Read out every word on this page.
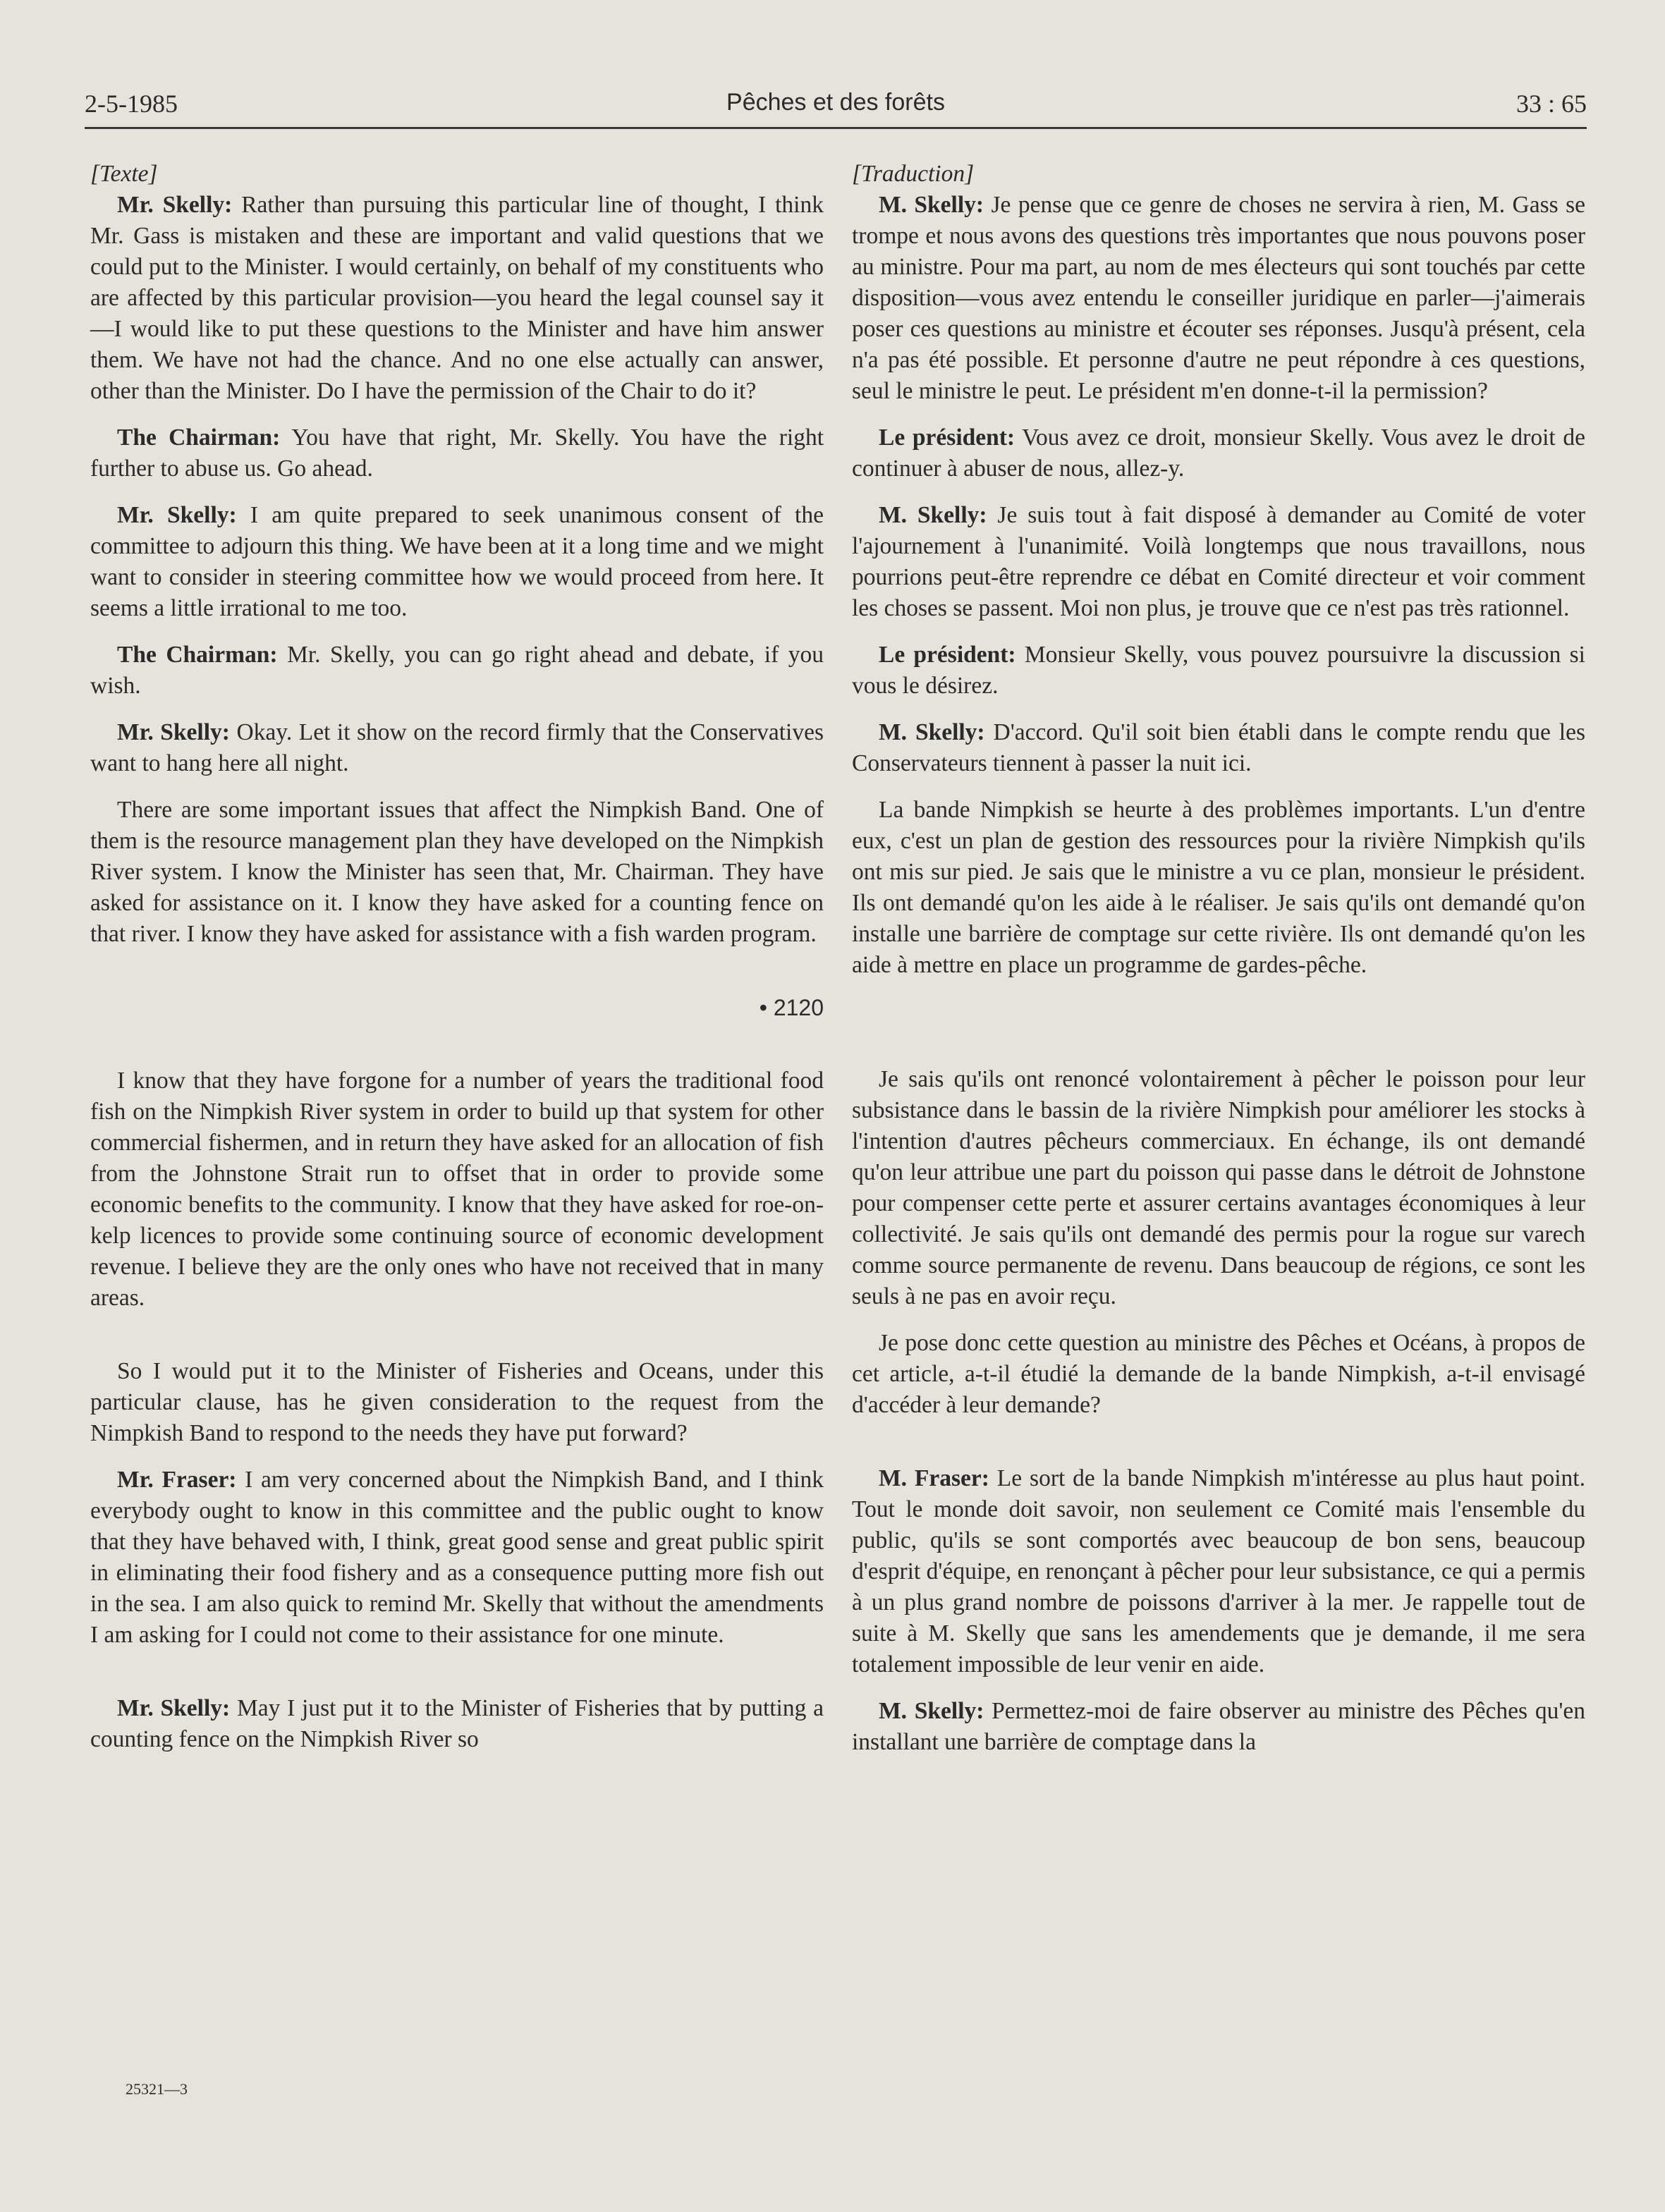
2-5-1985	Pêches et des forêts	33 : 65

[Texte]

Mr. Skelly: Rather than pursuing this particular line of thought, I think Mr. Gass is mistaken and these are important and valid questions that we could put to the Minister. I would certainly, on behalf of my constituents who are affected by this particular provision—you heard the legal counsel say it—I would like to put these questions to the Minister and have him answer them. We have not had the chance. And no one else actually can answer, other than the Minister. Do I have the permission of the Chair to do it?

The Chairman: You have that right, Mr. Skelly. You have the right further to abuse us. Go ahead.

Mr. Skelly: I am quite prepared to seek unanimous consent of the committee to adjourn this thing. We have been at it a long time and we might want to consider in steering committee how we would proceed from here. It seems a little irrational to me too.

The Chairman: Mr. Skelly, you can go right ahead and debate, if you wish.

Mr. Skelly: Okay. Let it show on the record firmly that the Conservatives want to hang here all night.

There are some important issues that affect the Nimpkish Band. One of them is the resource management plan they have developed on the Nimpkish River system. I know the Minister has seen that, Mr. Chairman. They have asked for assistance on it. I know they have asked for a counting fence on that river. I know they have asked for assistance with a fish warden program.

• 2120

I know that they have forgone for a number of years the traditional food fish on the Nimpkish River system in order to build up that system for other commercial fishermen, and in return they have asked for an allocation of fish from the Johnstone Strait run to offset that in order to provide some economic benefits to the community. I know that they have asked for roe-on-kelp licences to provide some continuing source of economic development revenue. I believe they are the only ones who have not received that in many areas.

So I would put it to the Minister of Fisheries and Oceans, under this particular clause, has he given consideration to the request from the Nimpkish Band to respond to the needs they have put forward?

Mr. Fraser: I am very concerned about the Nimpkish Band, and I think everybody ought to know in this committee and the public ought to know that they have behaved with, I think, great good sense and great public spirit in eliminating their food fishery and as a consequence putting more fish out in the sea. I am also quick to remind Mr. Skelly that without the amendments I am asking for I could not come to their assistance for one minute.

Mr. Skelly: May I just put it to the Minister of Fisheries that by putting a counting fence on the Nimpkish River so

[Traduction]

M. Skelly: Je pense que ce genre de choses ne servira à rien, M. Gass se trompe et nous avons des questions très importantes que nous pouvons poser au ministre. Pour ma part, au nom de mes électeurs qui sont touchés par cette disposition—vous avez entendu le conseiller juridique en parler—j'aimerais poser ces questions au ministre et écouter ses réponses. Jusqu'à présent, cela n'a pas été possible. Et personne d'autre ne peut répondre à ces questions, seul le ministre le peut. Le président m'en donne-t-il la permission?

Le président: Vous avez ce droit, monsieur Skelly. Vous avez le droit de continuer à abuser de nous, allez-y.

M. Skelly: Je suis tout à fait disposé à demander au Comité de voter l'ajournement à l'unanimité. Voilà longtemps que nous travaillons, nous pourrions peut-être reprendre ce débat en Comité directeur et voir comment les choses se passent. Moi non plus, je trouve que ce n'est pas très rationnel.

Le président: Monsieur Skelly, vous pouvez poursuivre la discussion si vous le désirez.

M. Skelly: D'accord. Qu'il soit bien établi dans le compte rendu que les Conservateurs tiennent à passer la nuit ici.

La bande Nimpkish se heurte à des problèmes importants. L'un d'entre eux, c'est un plan de gestion des ressources pour la rivière Nimpkish qu'ils ont mis sur pied. Je sais que le ministre a vu ce plan, monsieur le président. Ils ont demandé qu'on les aide à le réaliser. Je sais qu'ils ont demandé qu'on installe une barrière de comptage sur cette rivière. Ils ont demandé qu'on les aide à mettre en place un programme de gardes-pêche.

Je sais qu'ils ont renoncé volontairement à pêcher le poisson pour leur subsistance dans le bassin de la rivière Nimpkish pour améliorer les stocks à l'intention d'autres pêcheurs commerciaux. En échange, ils ont demandé qu'on leur attribue une part du poisson qui passe dans le détroit de Johnstone pour compenser cette perte et assurer certains avantages économiques à leur collectivité. Je sais qu'ils ont demandé des permis pour la rogue sur varech comme source permanente de revenu. Dans beaucoup de régions, ce sont les seuls à ne pas en avoir reçu.

Je pose donc cette question au ministre des Pêches et Océans, à propos de cet article, a-t-il étudié la demande de la bande Nimpkish, a-t-il envisagé d'accéder à leur demande?

M. Fraser: Le sort de la bande Nimpkish m'intéresse au plus haut point. Tout le monde doit savoir, non seulement ce Comité mais l'ensemble du public, qu'ils se sont comportés avec beaucoup de bon sens, beaucoup d'esprit d'équipe, en renonçant à pêcher pour leur subsistance, ce qui a permis à un plus grand nombre de poissons d'arriver à la mer. Je rappelle tout de suite à M. Skelly que sans les amendements que je demande, il me sera totalement impossible de leur venir en aide.

M. Skelly: Permettez-moi de faire observer au ministre des Pêches qu'en installant une barrière de comptage dans la

25321—3
